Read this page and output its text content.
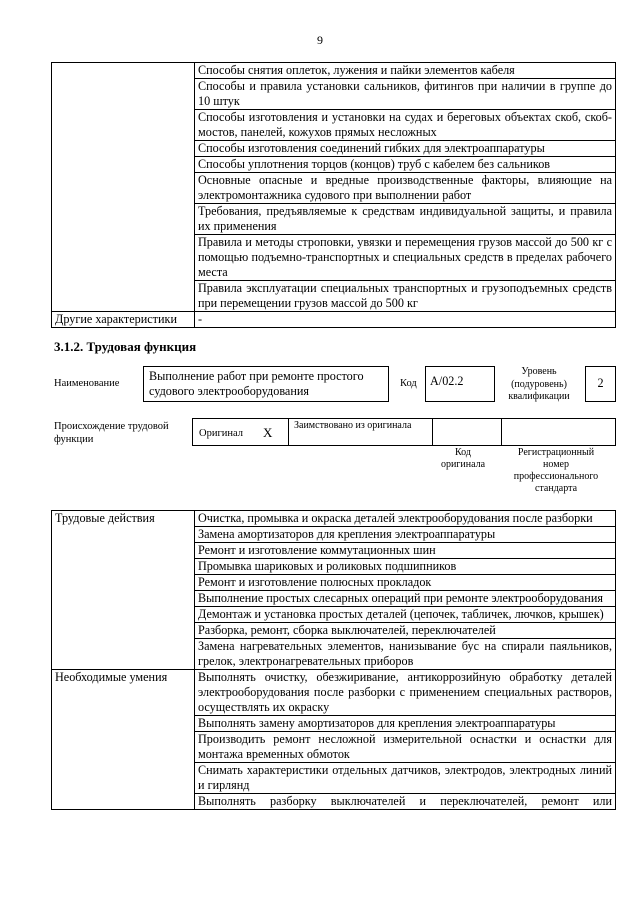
9
	Способы снятия оплеток, лужения и пайки элементов кабеля
	Способы и правила установки сальников, фитингов при наличии в группе до 10 штук
	Способы изготовления и установки на судах и береговых объектах скоб, скоб-мостов, панелей, кожухов прямых несложных
	Способы изготовления соединений гибких для электроаппаратуры
	Способы уплотнения торцов (концов) труб с кабелем без сальников
	Основные опасные и вредные производственные факторы, влияющие на электромонтажника судового при выполнении работ
	Требования, предъявляемые к средствам индивидуальной защиты, и правила их применения
	Правила и методы строповки, увязки и перемещения грузов массой до 500 кг с помощью подъемно-транспортных и специальных средств в пределах рабочего места
	Правила эксплуатации специальных транспортных и грузоподъемных средств при перемещении грузов массой до 500 кг
Другие характеристики	-
3.1.2. Трудовая функция
Наименование
Выполнение работ при ремонте простого судового электрооборудования
Код	A/02.2
Уровень (подуровень) квалификации
2
Происхождение трудовой функции	Оригинал X Заимствовано из оригинала
Код оригинала
Регистрационный номер профессионального стандарта
Трудовые действия	Очистка, промывка и окраска деталей электрооборудования после разборки
	Замена амортизаторов для крепления электроаппаратуры
	Ремонт и изготовление коммутационных шин
	Промывка шариковых и роликовых подшипников
	Ремонт и изготовление полюсных прокладок
	Выполнение простых слесарных операций при ремонте электрооборудования
	Демонтаж и установка простых деталей (цепочек, табличек, лючков, крышек)
	Разборка, ремонт, сборка выключателей, переключателей
	Замена нагревательных элементов, нанизывание бус на спирали паяльников, грелок, электронагревательных приборов
Необходимые умения	Выполнять очистку, обезжиривание, антикоррозийную обработку деталей электрооборудования после разборки с применением специальных растворов, осуществлять их окраску
	Выполнять замену амортизаторов для крепления электроаппаратуры
	Производить ремонт несложной измерительной оснастки и оснастки для монтажа временных обмоток
	Снимать характеристики отдельных датчиков, электродов, электродных линий и гирлянд
	Выполнять разборку выключателей и переключателей, ремонт или
